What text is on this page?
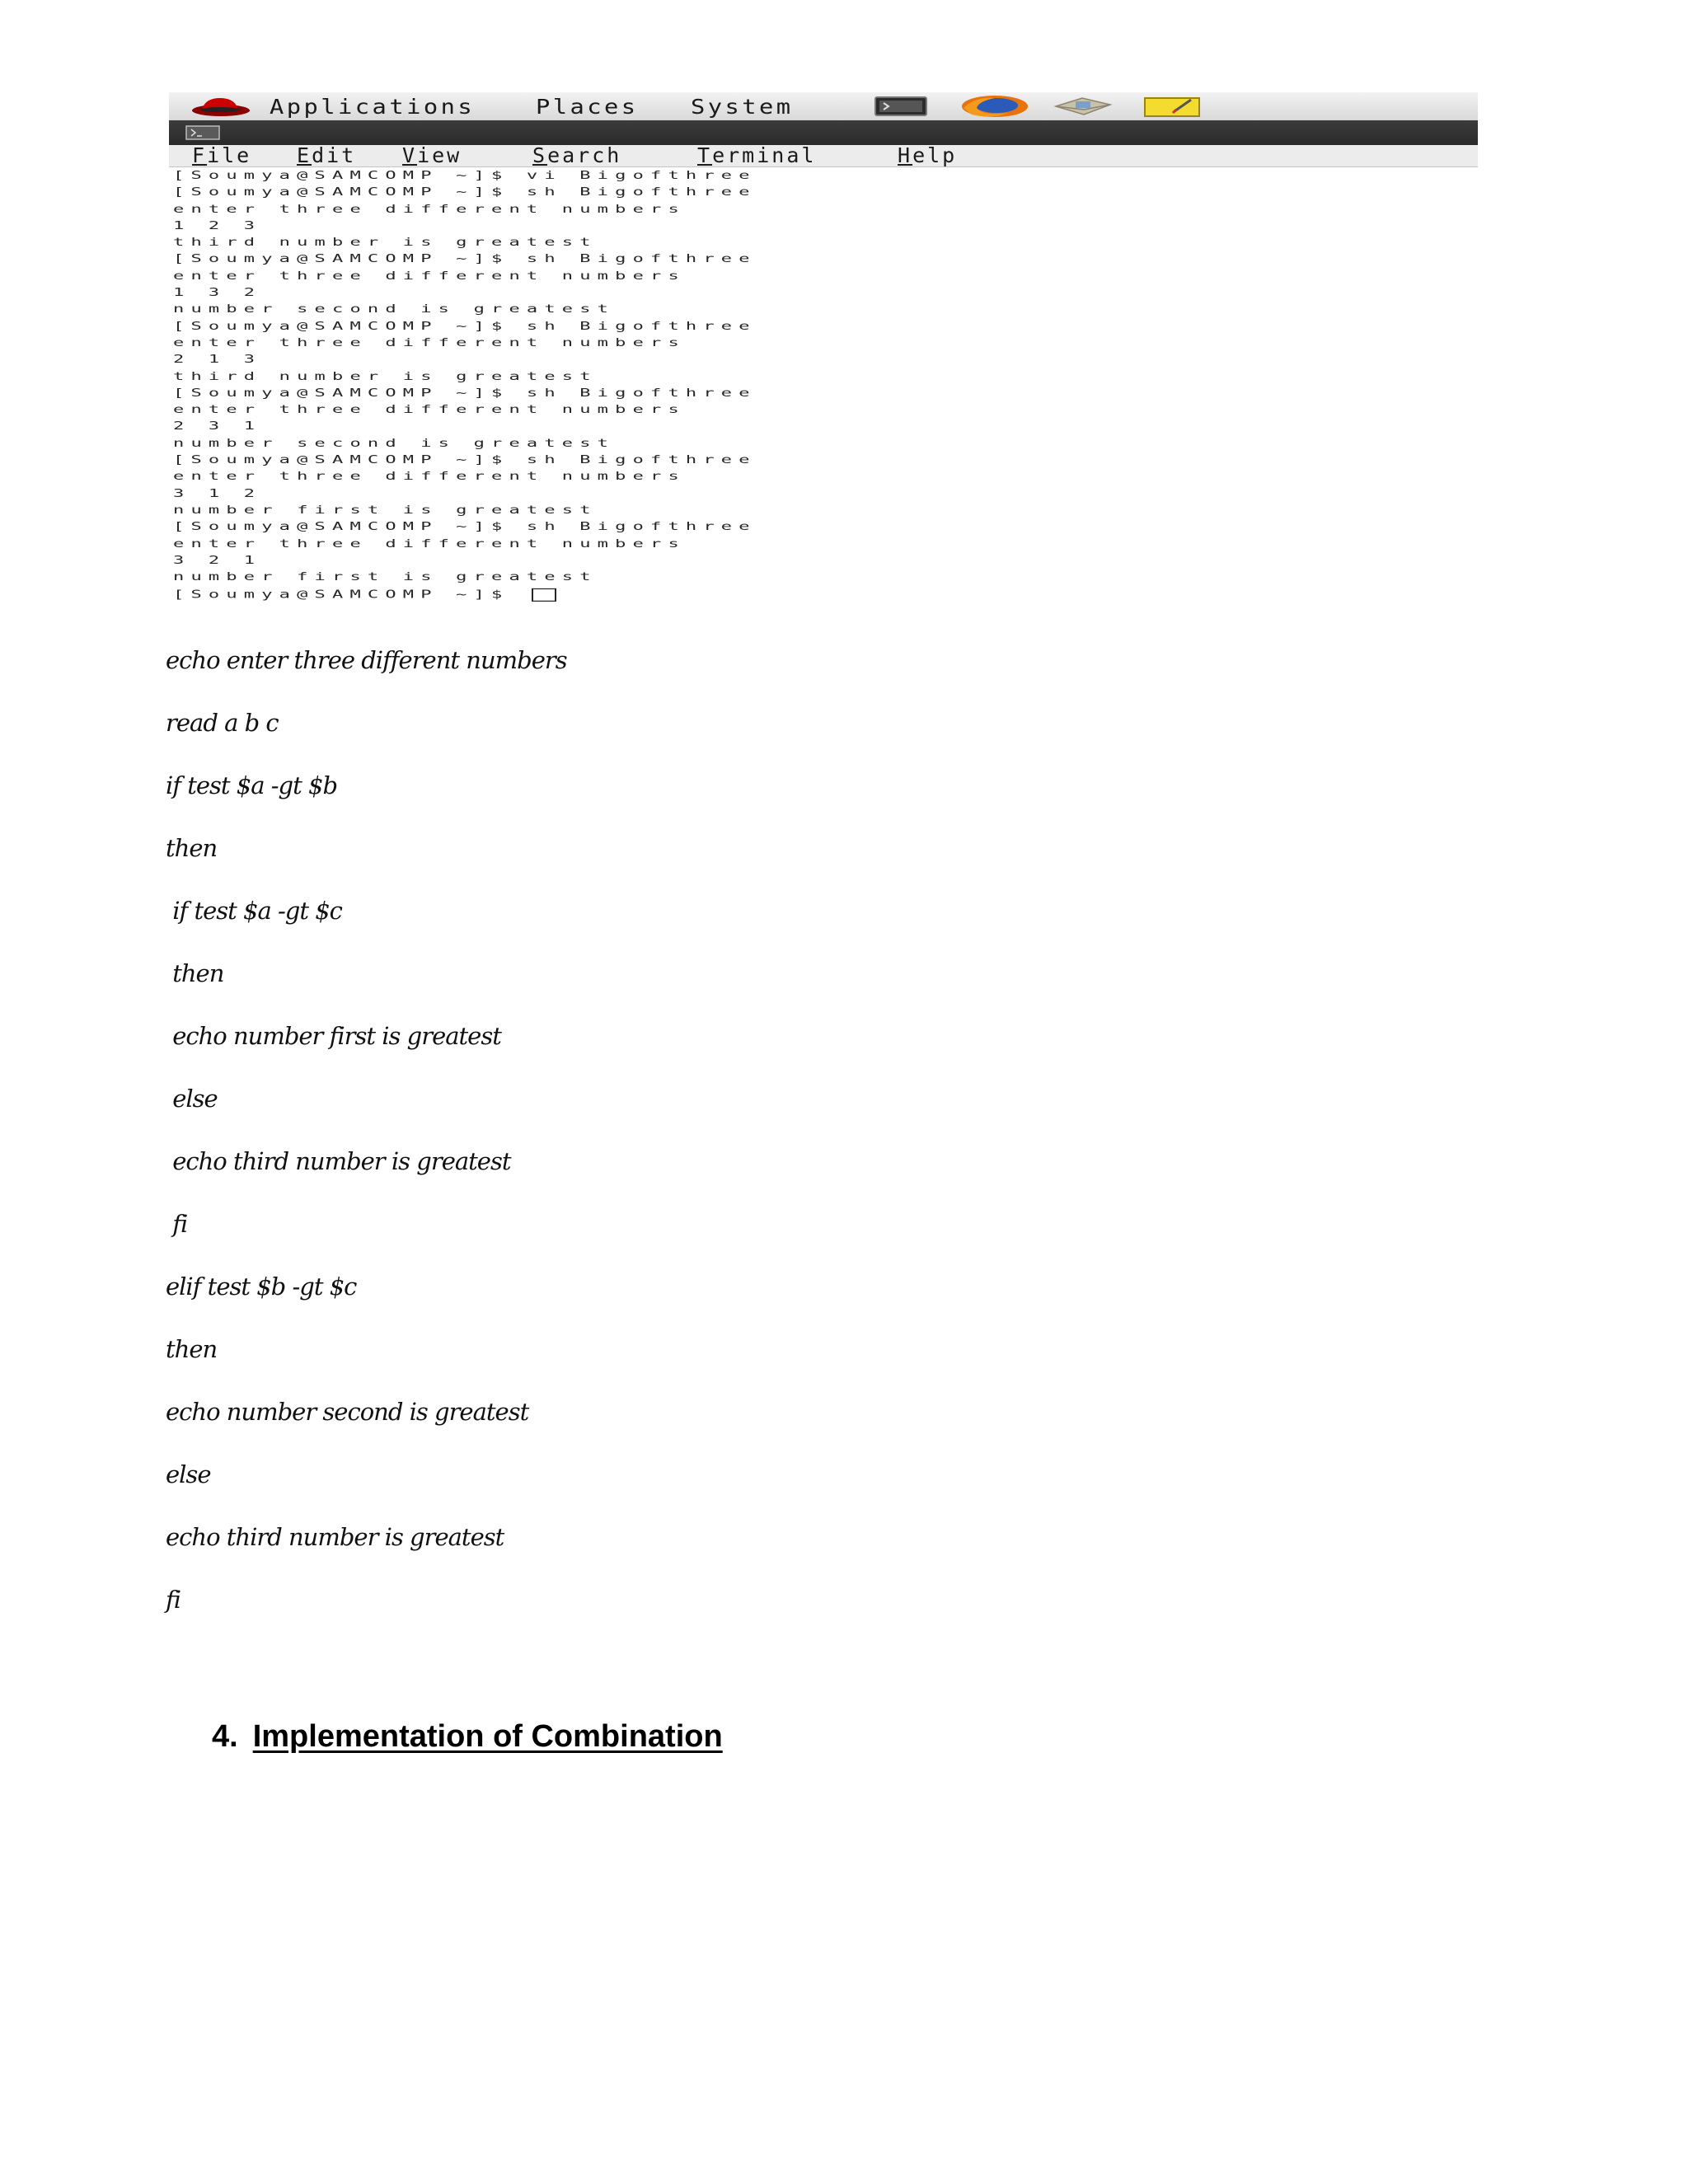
Applications	Places	System
File Edit View	Search	Terminal	Help
[Soumya@SAMCOMP ~]$ vi Bigofthree
[Soumya@SAMCOMP ~]$ sh Bigofthree
enter three different numbers
1 2 3
third number is greatest
[Soumya@SAMCOMP ~]$ sh Bigofthree
enter three different numbers
1 3 2
number second is greatest
[Soumya@SAMCOMP ~]$ sh Bigofthree
enter three different numbers
2 1 3
third number is greatest
[Soumya@SAMCOMP ~]$ sh Bigofthree
enter three different numbers
2 3 1
number second is greatest
[Soumya@SAMCOMP ~]$ sh Bigofthree
enter three different numbers
3 1 2
number first is greatest
[Soumya@SAMCOMP ~]$ sh Bigofthree
enter three different numbers
3 2 1
number first is greatest
[Soumya@SAMCOMP ~]$
echo enter three different numbers
read a b c
if test $a -gt $b
then
if test $a -gt $c
then
echo number first is greatest
else
echo third number is greatest
fi
elif test $b -gt $c
then
echo number second is greatest
else
echo third number is greatest
fi
4. Implementation of Combination
